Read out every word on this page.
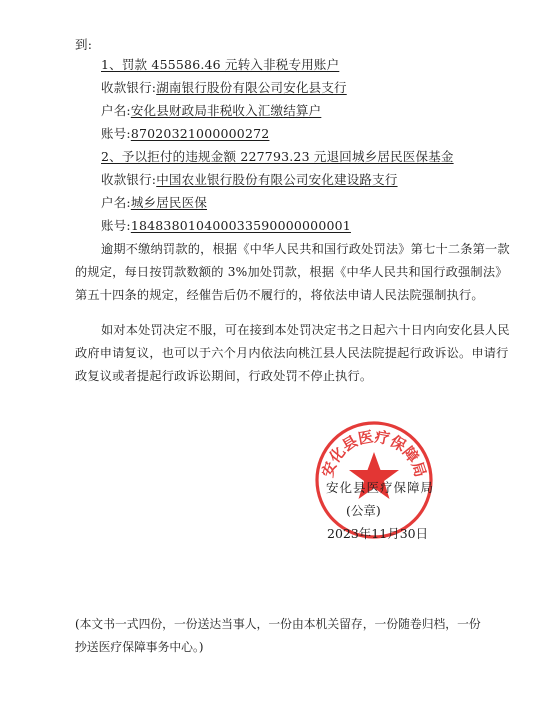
到:
1、罚款 455586.46 元转入非税专用账户
收款银行:湖南银行股份有限公司安化县支行
户名:安化县财政局非税收入汇缴结算户
账号:87020321000000272
2、予以拒付的违规金额 227793.23 元退回城乡居民医保基金
收款银行:中国农业银行股份有限公司安化建设路支行
户名:城乡居民医保
账号:184838010400033590000000001
逾期不缴纳罚款的，根据《中华人民共和国行政处罚法》第七十二条第一款
的规定，每日按罚款数额的 3%加处罚款，根据《中华人民共和国行政强制法》
第五十四条的规定，经催告后仍不履行的，将依法申请人民法院强制执行。
如对本处罚决定不服，可在接到本处罚决定书之日起六十日内向安化县人民
政府申请复议，也可以于六个月内依法向桃江县人民法院提起行政诉讼。申请行
政复议或者提起行政诉讼期间，行政处罚不停止执行。
安化县医疗保障局
安化县医疗保障局
(公章)
2023年11月30日
(本文书一式四份，一份送达当事人，一份由本机关留存，一份随卷归档，一份
抄送医疗保障事务中心。)
